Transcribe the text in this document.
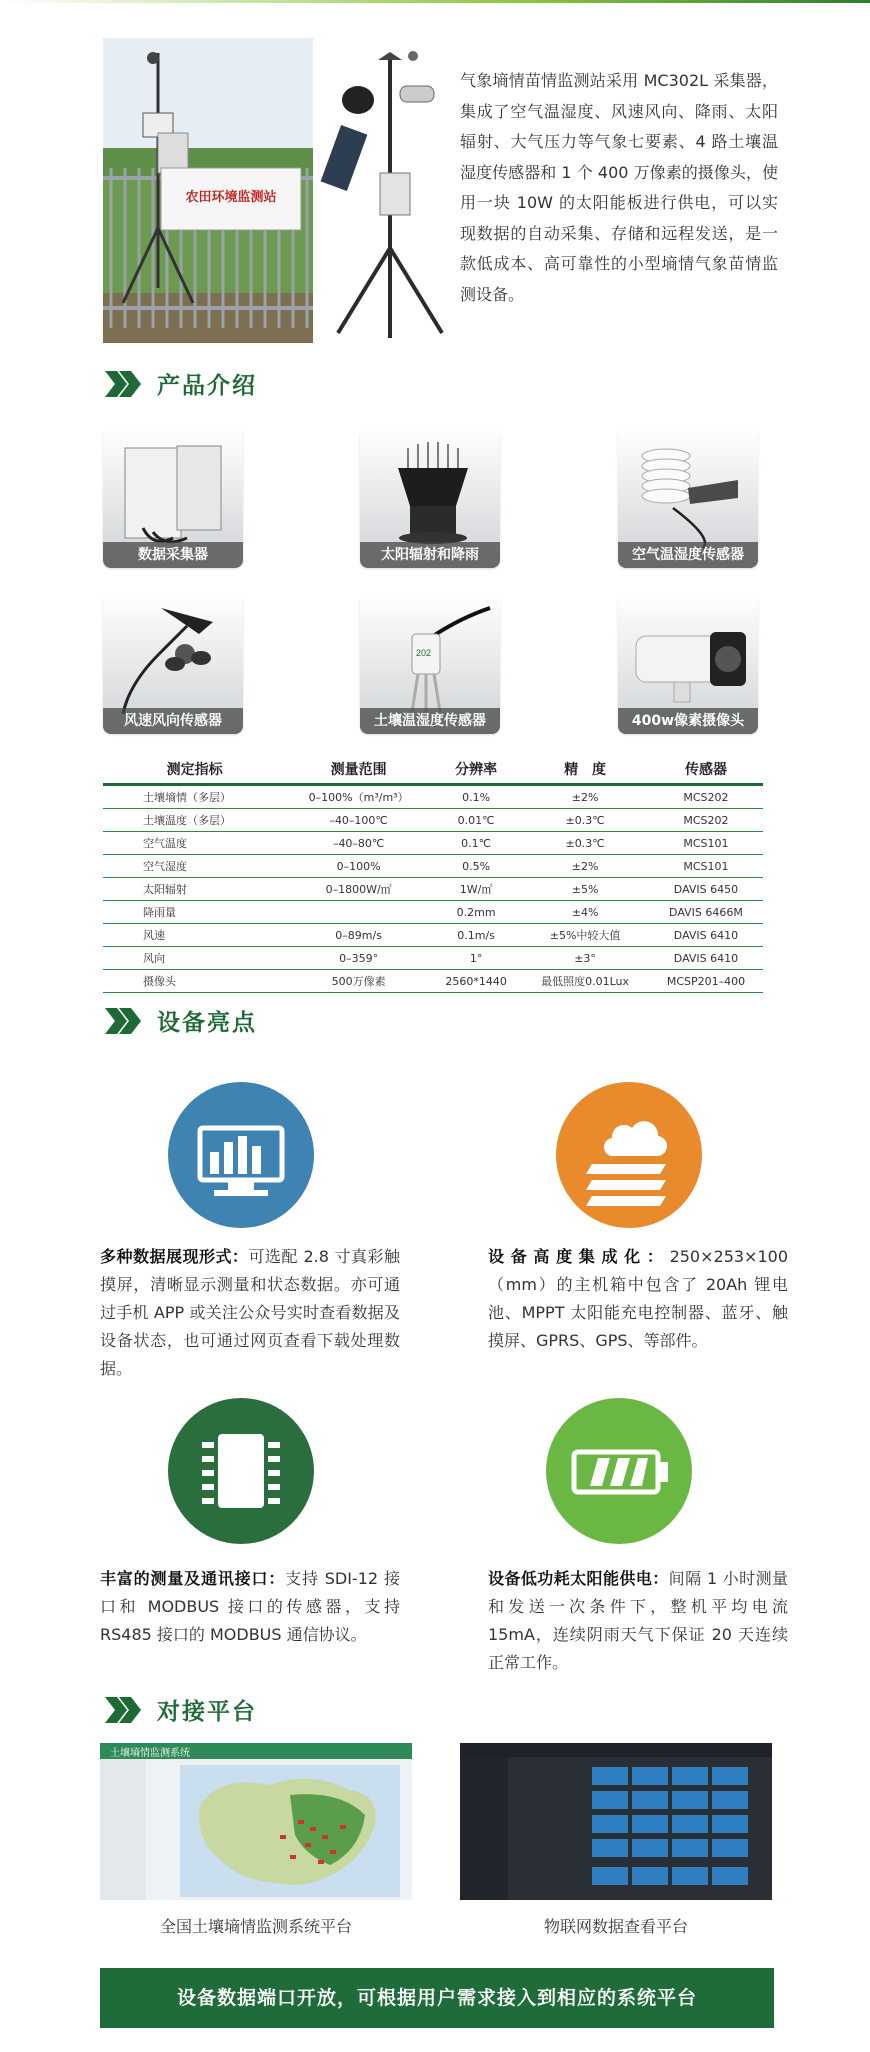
农田环境监测站
气象墒情苗情监测站采用 MC302L 采集器，集成了空气温湿度、风速风向、降雨、太阳辐射、大气压力等气象七要素、4 路土壤温湿度传感器和 1 个 400 万像素的摄像头，使用一块 10W 的太阳能板进行供电，可以实现数据的自动采集、存储和远程发送，是一款低成本、高可靠性的小型墒情气象苗情监测设备。
产品介绍
数据采集器	太阳辐射和降雨	空气温湿度传感器
风速风向传感器
202
土壤温湿度传感器	400w像素摄像头
测定指标	测量范围	分辨率	精　度	传感器
土壤墒情（多层）	0–100%（m³/m³）	0.1%	±2%	MCS202
土壤温度（多层）	–40–100℃	0.01℃	±0.3℃	MCS202
空气温度	–40–80℃	0.1℃	±0.3℃	MCS101
空气湿度	0–100%	0.5%	±2%	MCS101
太阳辐射	0–1800W/㎡	1W/㎡	±5%	DAVIS 6450
降雨量		0.2mm	±4%	DAVIS 6466M
风速	0–89m/s	0.1m/s	±5%中较大值	DAVIS 6410
风向	0–359°	1°	±3°	DAVIS 6410
摄像头	500万像素	2560*1440	最低照度0.01Lux	MCSP201–400
设备亮点
多种数据展现形式：可选配 2.8 寸真彩触摸屏，清晰显示测量和状态数据。亦可通过手机 APP 或关注公众号实时查看数据及设备状态，也可通过网页查看下载处理数据。
设备高度集成化：250×253×100（mm）的主机箱中包含了 20Ah 锂电池、MPPT 太阳能充电控制器、蓝牙、触摸屏、GPRS、GPS、等部件。
丰富的测量及通讯接口：支持 SDI-12 接口和 MODBUS 接口的传感器，支持 RS485 接口的 MODBUS 通信协议。
设备低功耗太阳能供电：间隔 1 小时测量和发送一次条件下，整机平均电流 15mA，连续阴雨天气下保证 20 天连续正常工作。
对接平台
土壤墒情监测系统
全国土壤墒情监测系统平台	物联网数据查看平台
设备数据端口开放，可根据用户需求接入到相应的系统平台
